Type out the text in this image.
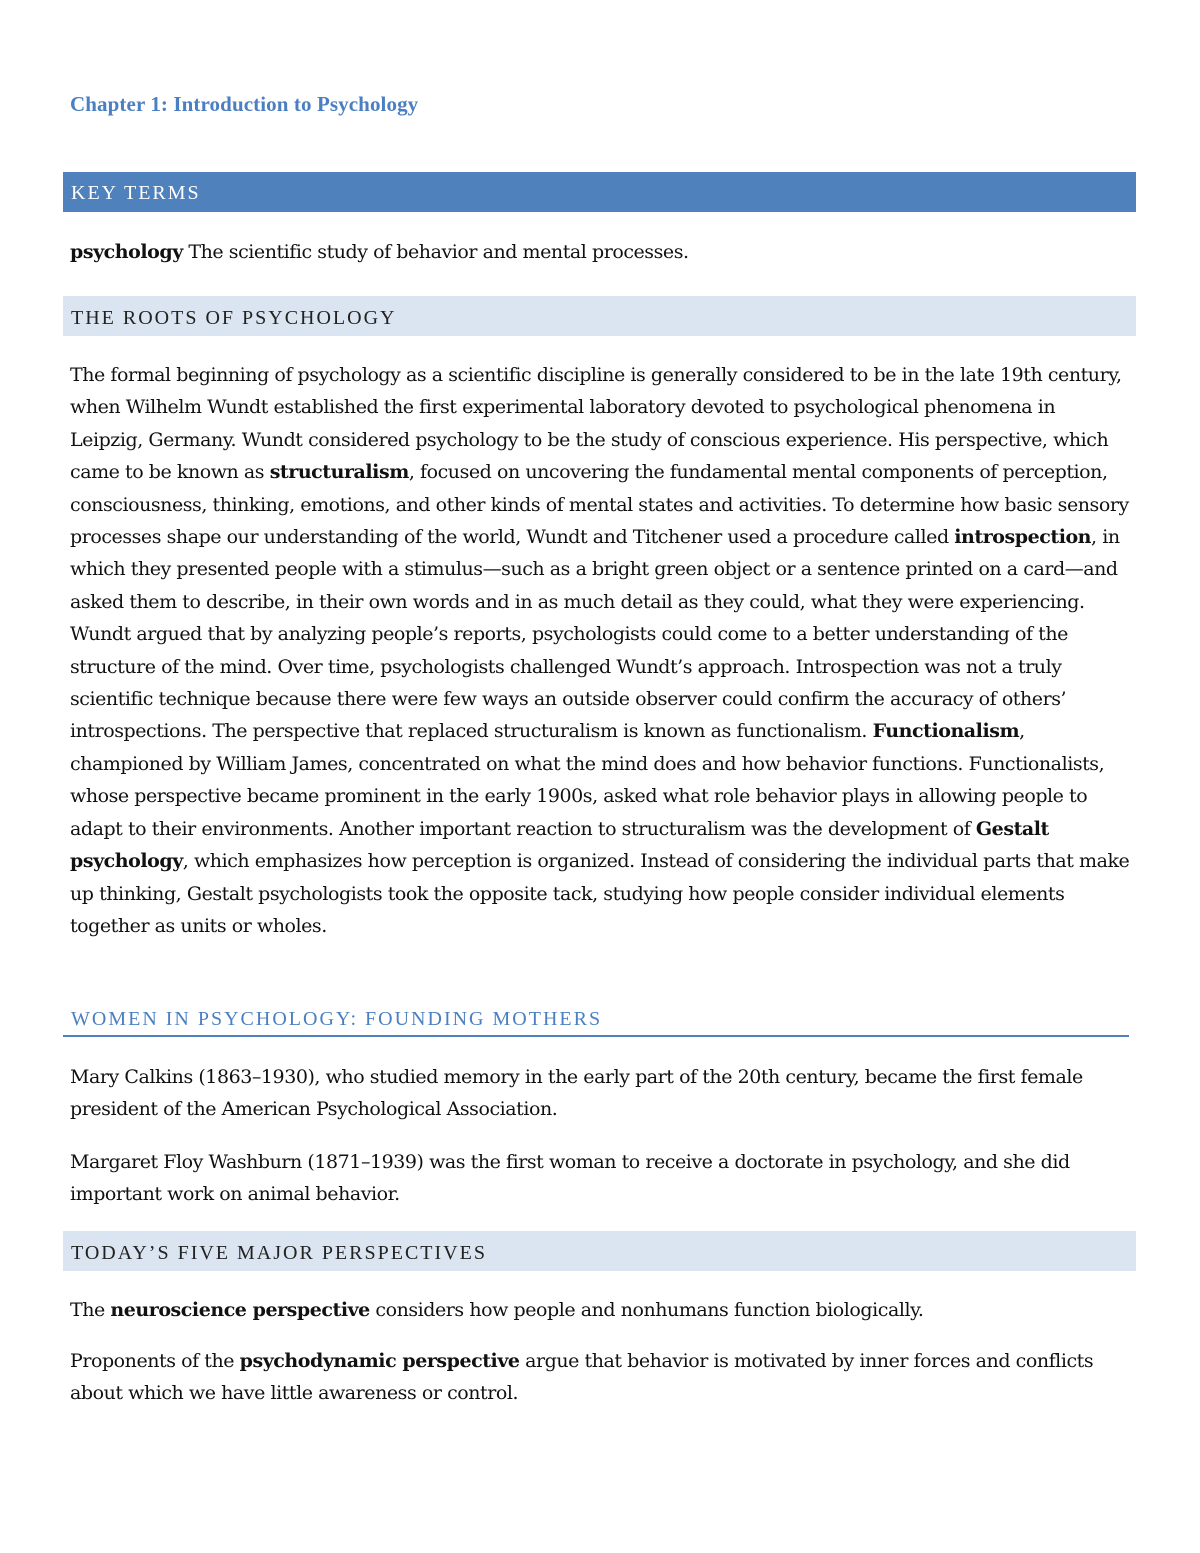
Chapter 1: Introduction to Psychology
KEY TERMS

psychology The scientific study of behavior and mental processes.

THE ROOTS OF PSYCHOLOGY

The formal beginning of psychology as a scientific discipline is generally considered to be in the late 19th century, when Wilhelm Wundt established the first experimental laboratory devoted to psychological phenomena in Leipzig, Germany. Wundt considered psychology to be the study of conscious experience. His perspective, which came to be known as structuralism, focused on uncovering the fundamental mental components of perception, consciousness, thinking, emotions, and other kinds of mental states and activities. To determine how basic sensory processes shape our understanding of the world, Wundt and Titchener used a procedure called introspection, in which they presented people with a stimulus—such as a bright green object or a sentence printed on a card—and asked them to describe, in their own words and in as much detail as they could, what they were experiencing. Wundt argued that by analyzing people’s reports, psychologists could come to a better understanding of the structure of the mind. Over time, psychologists challenged Wundt’s approach. Introspection was not a truly scientific technique because there were few ways an outside observer could confirm the accuracy of others’ introspections. The perspective that replaced structuralism is known as functionalism. Functionalism, championed by William James, concentrated on what the mind does and how behavior functions. Functionalists, whose perspective became prominent in the early 1900s, asked what role behavior plays in allowing people to adapt to their environments. Another important reaction to structuralism was the development of Gestalt psychology, which emphasizes how perception is organized. Instead of considering the individual parts that make up thinking, Gestalt psychologists took the opposite tack, studying how people consider individual elements together as units or wholes.

WOMEN IN PSYCHOLOGY: FOUNDING MOTHERS

Mary Calkins (1863–1930), who studied memory in the early part of the 20th century, became the first female president of the American Psychological Association.

Margaret Floy Washburn (1871–1939) was the first woman to receive a doctorate in psychology, and she did important work on animal behavior.

TODAY’S FIVE MAJOR PERSPECTIVES

The neuroscience perspective considers how people and nonhumans function biologically.

Proponents of the psychodynamic perspective argue that behavior is motivated by inner forces and conflicts about which we have little awareness or control.
